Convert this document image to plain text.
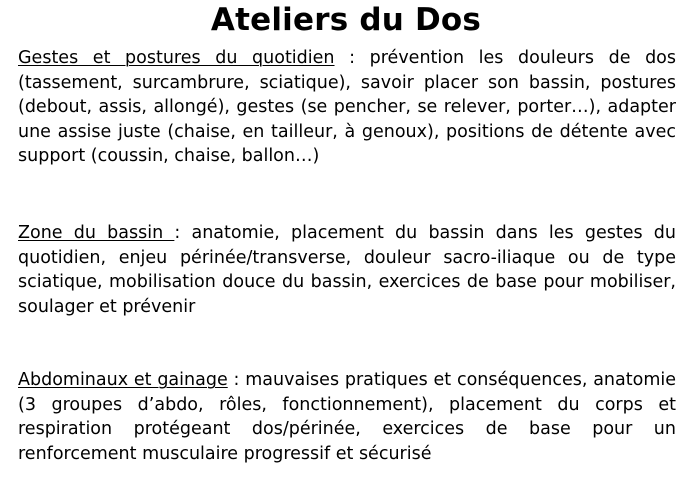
Ateliers du Dos
Gestes et postures du quotidien : prévention les douleurs de dos (tassement, surcambrure, sciatique), savoir placer son bassin, postures (debout, assis, allongé), gestes (se pencher, se relever, porter…), adapter une assise juste (chaise, en tailleur, à genoux), positions de détente avec support (coussin, chaise, ballon…)
Zone du bassin : anatomie, placement du bassin dans les gestes du quotidien, enjeu périnée/transverse, douleur sacro-iliaque ou de type sciatique, mobilisation douce du bassin, exercices de base pour mobiliser, soulager et prévenir
Abdominaux et gainage : mauvaises pratiques et conséquences, anatomie (3 groupes d’abdo, rôles, fonctionnement), placement du corps et respiration protégeant dos/périnée, exercices de base pour un renforcement musculaire progressif et sécurisé
